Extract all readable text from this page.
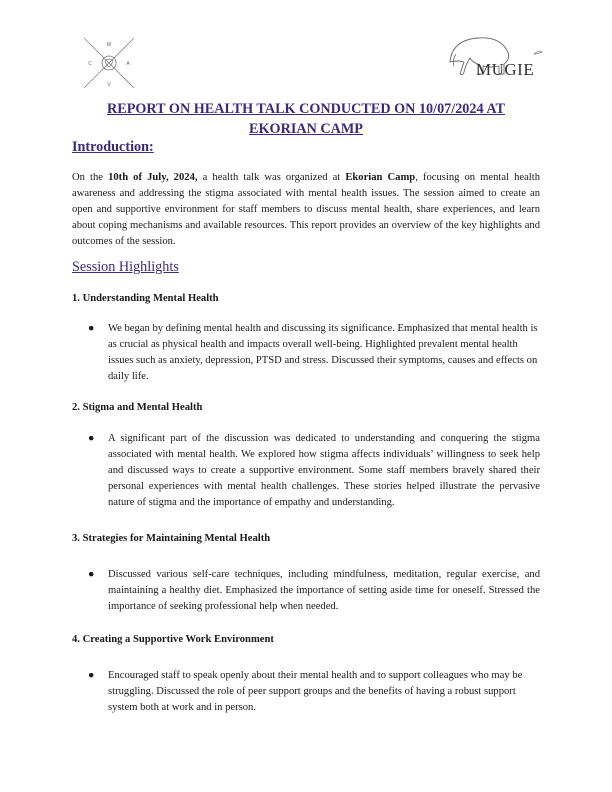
M
C	A
V
MUGIE
REPORT ON HEALTH TALK CONDUCTED ON 10/07/2024 AT EKORIAN CAMP
Introduction:

On the 10th of July, 2024, a health talk was organized at Ekorian Camp, focusing on mental health awareness and addressing the stigma associated with mental health issues. The session aimed to create an open and supportive environment for staff members to discuss mental health, share experiences, and learn about coping mechanisms and available resources. This report provides an overview of the key highlights and outcomes of the session.

Session Highlights

1. Understanding Mental Health

●	We began by defining mental health and discussing its significance. Emphasized that mental health is as crucial as physical health and impacts overall well-being. Highlighted prevalent mental health issues such as anxiety, depression, PTSD and stress. Discussed their symptoms, causes and effects on daily life.

2. Stigma and Mental Health

●	A significant part of the discussion was dedicated to understanding and conquering the stigma associated with mental health. We explored how stigma affects individuals’ willingness to seek help and discussed ways to create a supportive environment. Some staff members bravely shared their personal experiences with mental health challenges. These stories helped illustrate the pervasive nature of stigma and the importance of empathy and understanding.

3. Strategies for Maintaining Mental Health

●	Discussed various self-care techniques, including mindfulness, meditation, regular exercise, and maintaining a healthy diet. Emphasized the importance of setting aside time for oneself. Stressed the importance of seeking professional help when needed.

4. Creating a Supportive Work Environment

●	Encouraged staff to speak openly about their mental health and to support colleagues who may be struggling. Discussed the role of peer support groups and the benefits of having a robust support system both at work and in person.
